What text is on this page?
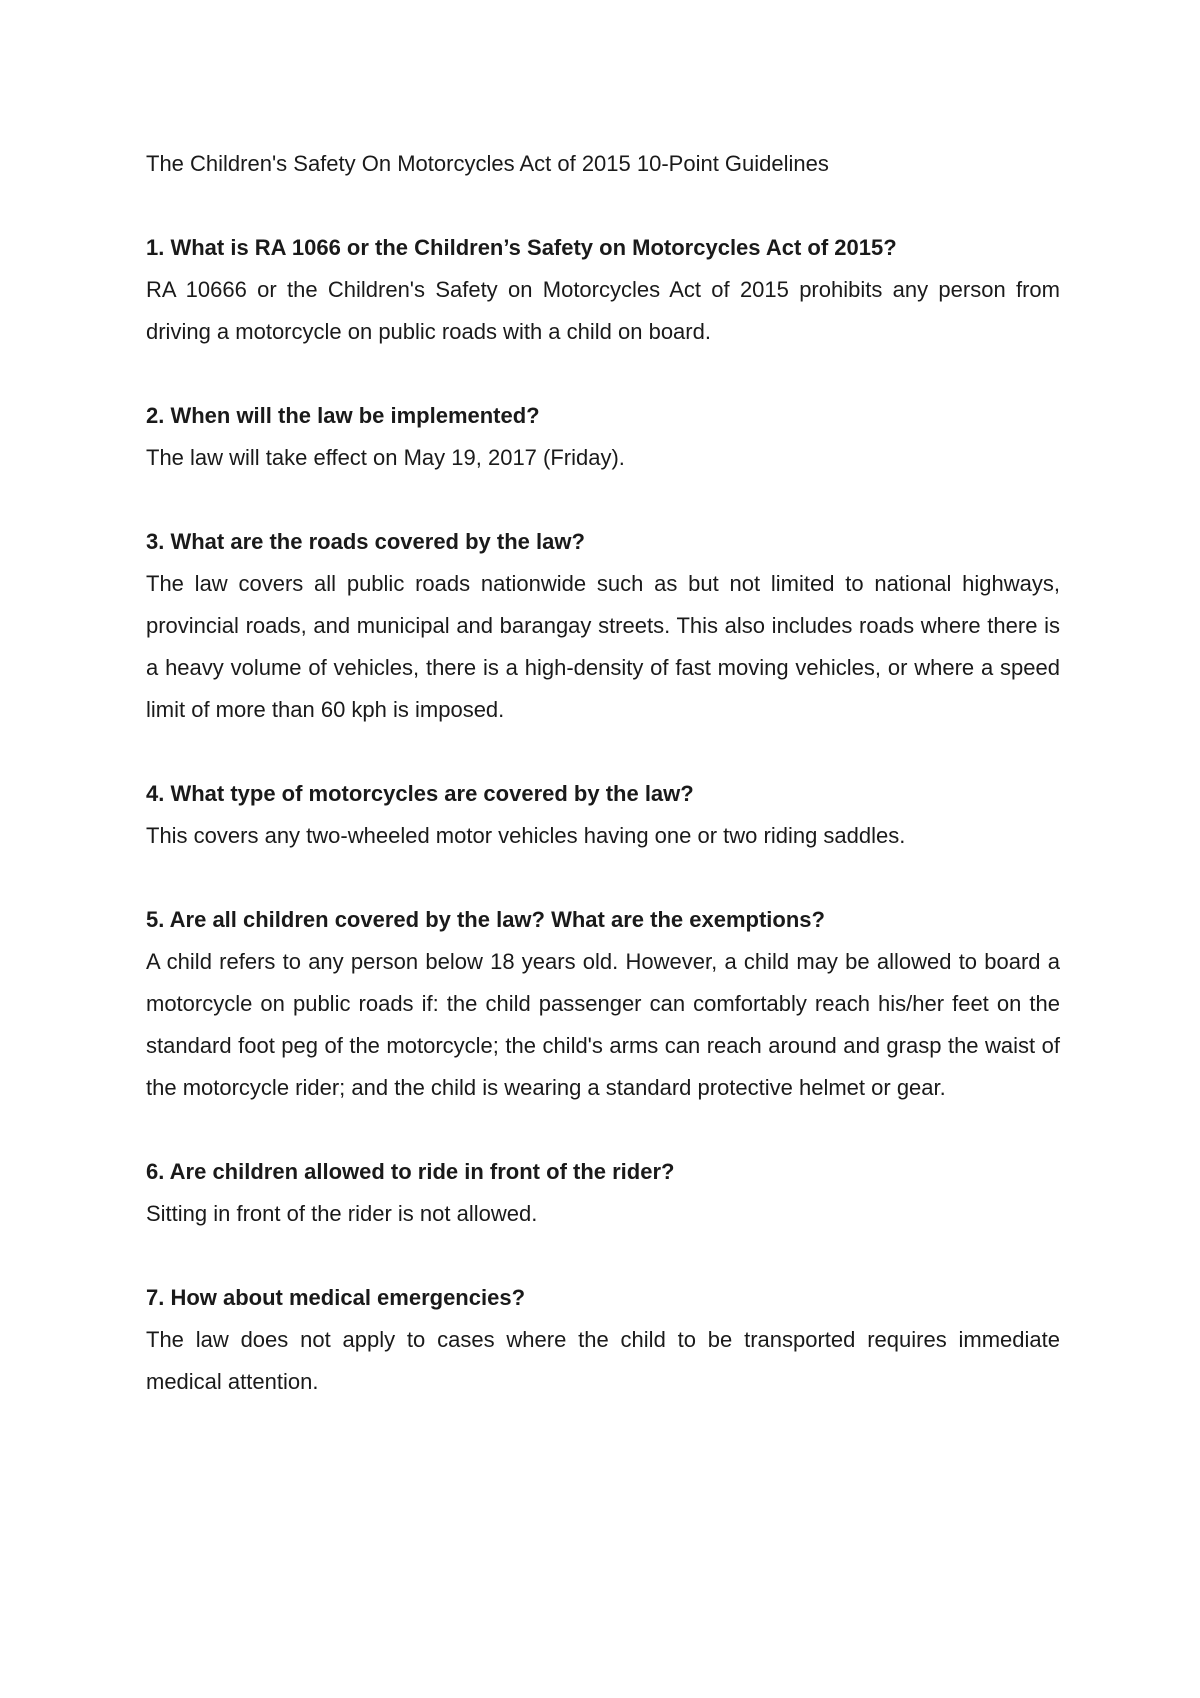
The Children's Safety On Motorcycles Act of 2015 10-Point Guidelines

1. What is RA 1066 or the Children’s Safety on Motorcycles Act of 2015?

RA 10666 or the Children's Safety on Motorcycles Act of 2015 prohibits any person from driving a motorcycle on public roads with a child on board.

2. When will the law be implemented?

The law will take effect on May 19, 2017 (Friday).

3. What are the roads covered by the law?

The law covers all public roads nationwide such as but not limited to national highways, provincial roads, and municipal and barangay streets. This also includes roads where there is a heavy volume of vehicles, there is a high-density of fast moving vehicles, or where a speed limit of more than 60 kph is imposed.

4. What type of motorcycles are covered by the law?

This covers any two-wheeled motor vehicles having one or two riding saddles.

5. Are all children covered by the law? What are the exemptions?

A child refers to any person below 18 years old. However, a child may be allowed to board a motorcycle on public roads if: the child passenger can comfortably reach his/her feet on the standard foot peg of the motorcycle; the child's arms can reach around and grasp the waist of the motorcycle rider; and the child is wearing a standard protective helmet or gear.

6. Are children allowed to ride in front of the rider?

Sitting in front of the rider is not allowed.

7. How about medical emergencies?

The law does not apply to cases where the child to be transported requires immediate medical attention.
